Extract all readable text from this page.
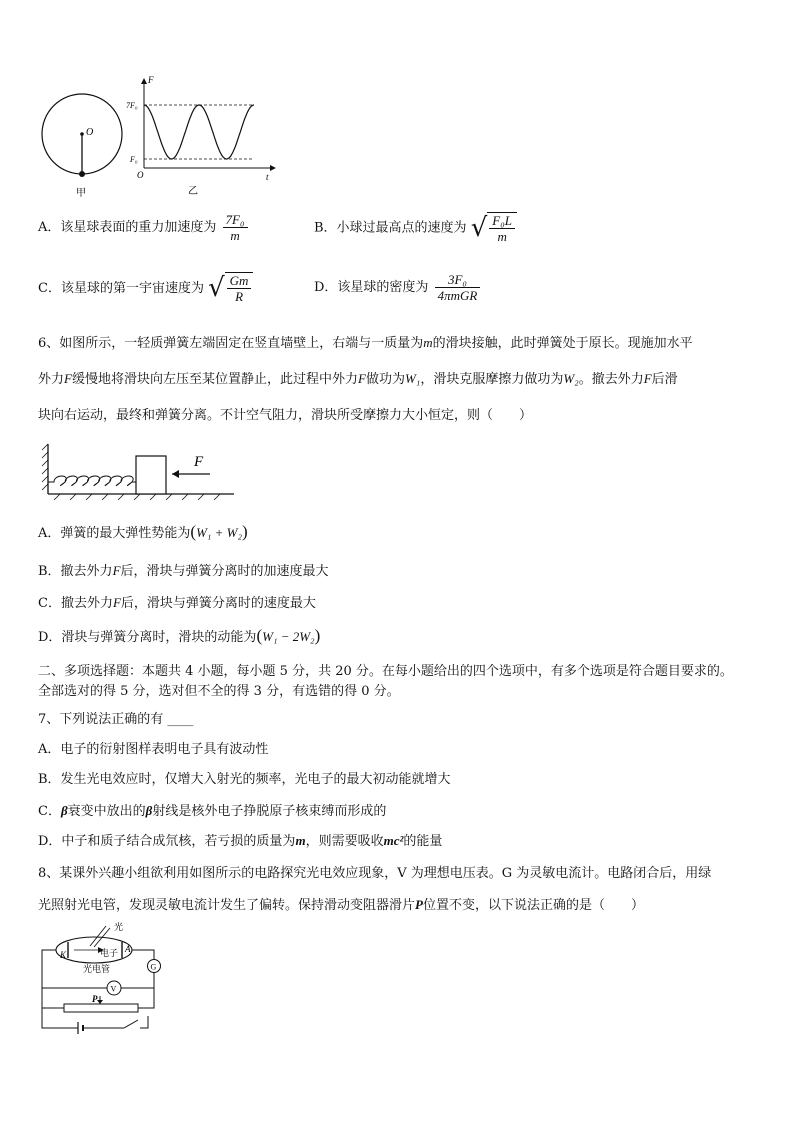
O
甲
F
t
O
7F₀
F₀
乙
A．该星球表面的重力加速度为 $\frac{\text{7F₀}}{m}$	B．小球过最高点的速度为 √ $\frac{\text{F₀L}}{m}$
C．该星球的第一宇宙速度为 √ $\frac{Gm}{R}$	D．该星球的密度为 $\frac{\text{3F₀}}{\text{4πmGR}}$
6、如图所示，一轻质弹簧左端固定在竖直墙壁上，右端与一质量为m的滑块接触，此时弹簧处于原长。现施加水平
外力F缓慢地将滑块向左压至某位置静止，此过程中外力F做功为W₁，滑块克服摩擦力做功为W₂。撤去外力F后滑
块向右运动，最终和弹簧分离。不计空气阻力，滑块所受摩擦力大小恒定，则（　　）
F
A．弹簧的最大弹性势能为(W₁ + W₂)
B．撤去外力F后，滑块与弹簧分离时的加速度最大
C．撤去外力F后，滑块与弹簧分离时的速度最大
D．滑块与弹簧分离时，滑块的动能为(W₁ − 2W₂)
二、多项选择题：本题共 4 小题，每小题 5 分，共 20 分。在每小题给出的四个选项中，有多个选项是符合题目要求的。
全部选对的得 5 分，选对但不全的得 3 分，有选错的得 0 分。
7、下列说法正确的有 ____
A．电子的衍射图样表明电子具有波动性
B．发生光电效应时，仅增大入射光的频率，光电子的最大初动能就增大
C．β衰变中放出的β射线是核外电子挣脱原子核束缚而形成的
D．中子和质子结合成氘核，若亏损的质量为m，则需要吸收mc²的能量
8、某课外兴趣小组欲利用如图所示的电路探究光电效应现象，V 为理想电压表。G 为灵敏电流计。电路闭合后，用绿
光照射光电管，发现灵敏电流计发生了偏转。保持滑动变阻器滑片P位置不变，以下说法正确的是（　　）
光
电子
光电管
K
A
G
V
P
